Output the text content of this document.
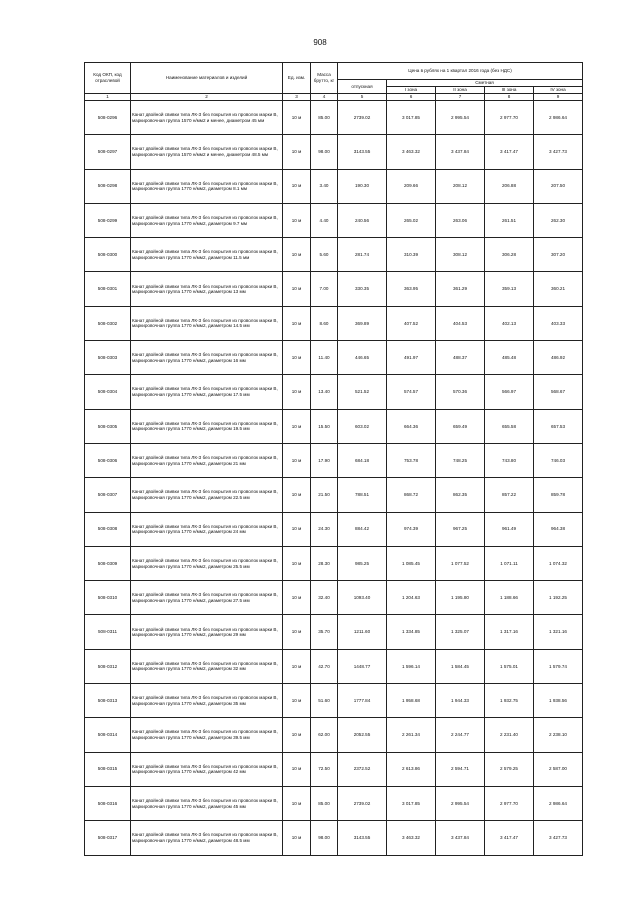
908
Код ОКП, код отраслевой	Наименование материалов и изделий	Ед. изм.	Масса брутто, кг	Цена в рублях на 1 квартал 2016 года (без НДС)				
				отпускная	Сметная			
					I зона	II зона	III зона	IV зона
1	2	3	4	5	6	7	8	9
508-0296	Канат двойной свивки типа ЛК-З без покрытия из проволок марки В, маркировочная группа 1570 н/мм2 и менее, диаметром 45 мм	10 м	85.00	2739.02	3 017.85	2 995.54	2 977.70	2 986.64
508-0297	Канат двойной свивки типа ЛК-З без покрытия из проволок марки В, маркировочная группа 1570 н/мм2 и менее, диаметром 48.5 мм	10 м	98.00	3143.55	3 463.32	3 437.84	3 417.47	3 427.73
508-0298	Канат двойной свивки типа ЛК-З без покрытия из проволок марки В, маркировочная группа 1770 н/мм2, диаметром 8.1 мм	10 м	3.40	190.30	209.66	208.12	206.88	207.50
508-0299	Канат двойной свивки типа ЛК-З без покрытия из проволок марки В, маркировочная группа 1770 н/мм2, диаметром 9.7 мм	10 м	4.40	240.56	265.02	263.06	261.51	262.30
508-0300	Канат двойной свивки типа ЛК-З без покрытия из проволок марки В, маркировочная группа 1770 н/мм2, диаметром 11.5 мм	10 м	5.60	281.74	310.39	308.12	306.28	307.20
508-0301	Канат двойной свивки типа ЛК-З без покрытия из проволок марки В, маркировочная группа 1770 н/мм2, диаметром 13 мм	10 м	7.00	330.35	363.95	361.29	359.13	360.21
508-0302	Канат двойной свивки типа ЛК-З без покрытия из проволок марки В, маркировочная группа 1770 н/мм2, диаметром 14.5 мм	10 м	8.60	369.89	407.52	404.53	402.13	403.33
508-0303	Канат двойной свивки типа ЛК-З без покрытия из проволок марки В, маркировочная группа 1770 н/мм2, диаметром 16 мм	10 м	11.40	446.65	491.97	488.37	485.48	486.92
508-0304	Канат двойной свивки типа ЛК-З без покрытия из проволок марки В, маркировочная группа 1770 н/мм2, диаметром 17.5 мм	10 м	13.40	521.52	574.57	570.36	566.97	568.67
508-0305	Канат двойной свивки типа ЛК-З без покрытия из проволок марки В, маркировочная группа 1770 н/мм2, диаметром 19.5 мм	10 м	15.50	603.02	664.36	659.49	655.58	657.53
508-0306	Канат двойной свивки типа ЛК-З без покрытия из проволок марки В, маркировочная группа 1770 н/мм2, диаметром 21 мм	10 м	17.90	684.18	753.78	748.25	743.80	746.03
508-0307	Канат двойной свивки типа ЛК-З без покрытия из проволок марки В, маркировочная группа 1770 н/мм2, диаметром 22.5 мм	10 м	21.50	788.51	868.72	862.35	857.22	859.78
508-0308	Канат двойной свивки типа ЛК-З без покрытия из проволок марки В, маркировочная группа 1770 н/мм2, диаметром 24 мм	10 м	24.30	884.42	974.39	967.25	961.49	964.38
508-0309	Канат двойной свивки типа ЛК-З без покрытия из проволок марки В, маркировочная группа 1770 н/мм2, диаметром 25.5 мм	10 м	28.30	985.25	1 085.45	1 077.52	1 071.11	1 074.32
508-0310	Канат двойной свивки типа ЛК-З без покрытия из проволок марки В, маркировочная группа 1770 н/мм2, диаметром 27.5 мм	10 м	32.40	1093.40	1 204.63	1 195.80	1 188.66	1 192.25
508-0311	Канат двойной свивки типа ЛК-З без покрытия из проволок марки В, маркировочная группа 1770 н/мм2, диаметром 29 мм	10 м	35.70	1211.60	1 334.85	1 325.07	1 317.16	1 321.16
508-0312	Канат двойной свивки типа ЛК-З без покрытия из проволок марки В, маркировочная группа 1770 н/мм2, диаметром 32 мм	10 м	42.70	1448.77	1 596.14	1 584.45	1 575.01	1 579.74
508-0313	Канат двойной свивки типа ЛК-З без покрытия из проволок марки В, маркировочная группа 1770 н/мм2, диаметром 35 мм	10 м	51.60	1777.84	1 958.68	1 944.33	1 932.75	1 938.56
508-0314	Канат двойной свивки типа ЛК-З без покрытия из проволок марки В, маркировочная группа 1770 н/мм2, диаметром 39.5 мм	10 м	62.00	2052.55	2 261.34	2 244.77	2 231.40	2 238.10
508-0315	Канат двойной свивки типа ЛК-З без покрытия из проволок марки В, маркировочная группа 1770 н/мм2, диаметром 42 мм	10 м	72.50	2372.52	2 613.86	2 594.71	2 579.25	2 587.00
508-0316	Канат двойной свивки типа ЛК-З без покрытия из проволок марки В, маркировочная группа 1770 н/мм2, диаметром 45 мм	10 м	85.00	2739.02	3 017.85	2 995.54	2 977.70	2 986.64
508-0317	Канат двойной свивки типа ЛК-З без покрытия из проволок марки В, маркировочная группа 1770 н/мм2, диаметром 48.5 мм	10 м	98.00	3143.55	3 463.32	3 437.84	3 417.47	3 427.73
